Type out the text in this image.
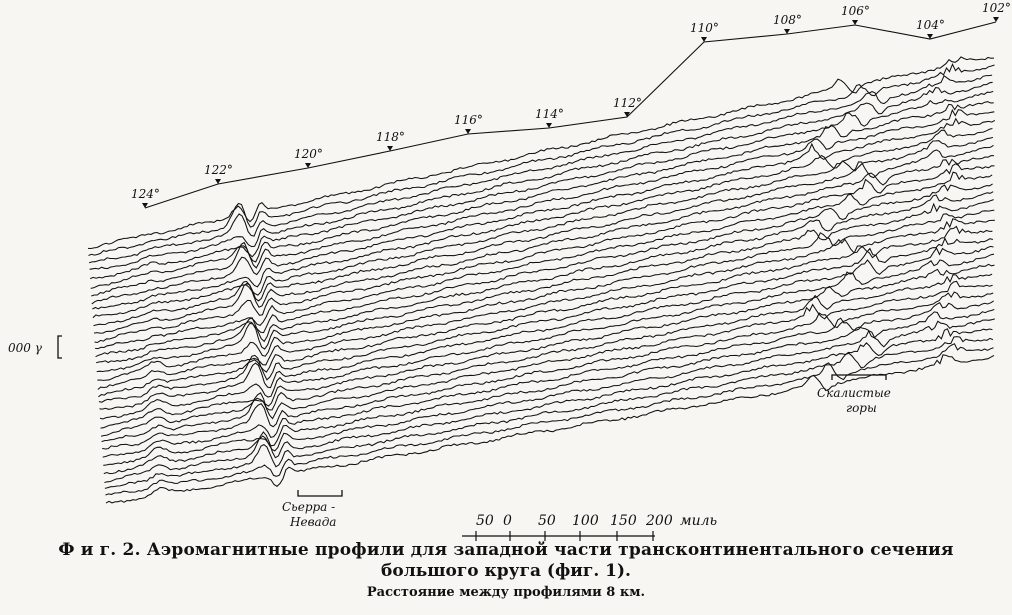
124°
122°
120°
118°
116°	114°
112°
110°
108°
106°
104°
102°
000 γ
Сьерра -
Невада
Скалистые
горы
50 0 50 100 150 200 миль
Ф и г. 2. Аэромагнитные профили для западной части трансконтинентального сечения
большого круга (фиг. 1).
Расстояние между профилями 8 км.
